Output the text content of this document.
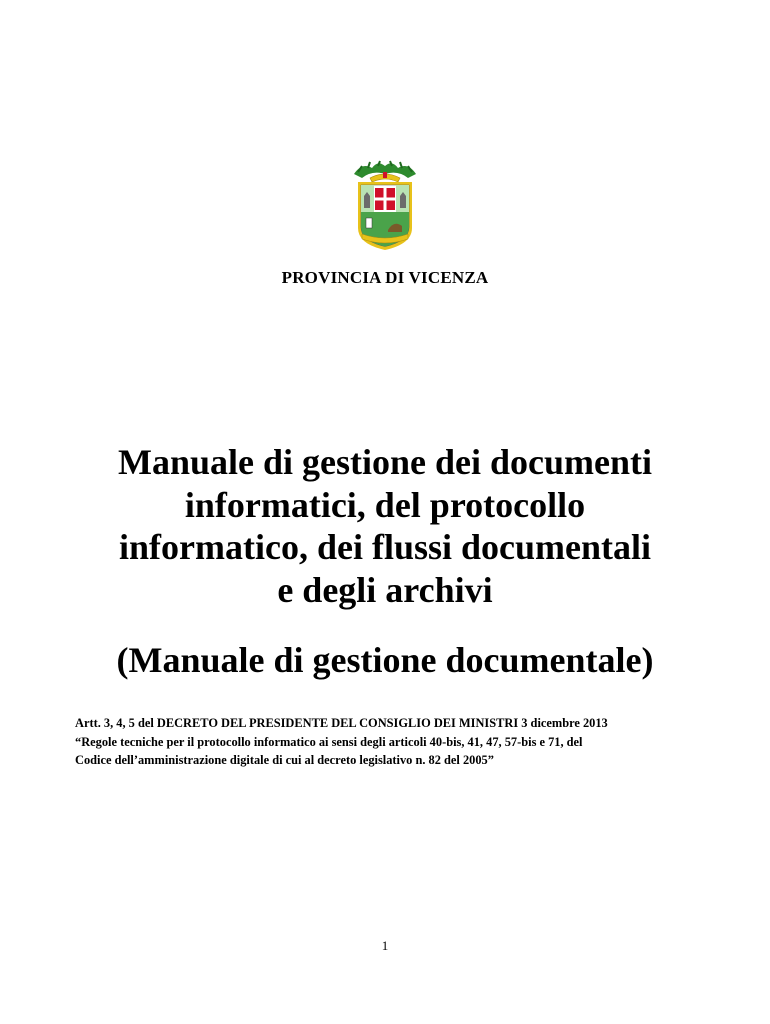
PROVINCIA DI VICENZA
Manuale di gestione dei documenti
informatici, del protocollo
informatico, dei flussi documentali
e degli archivi
(Manuale di gestione documentale)
Artt. 3, 4, 5 del DECRETO DEL PRESIDENTE DEL CONSIGLIO DEI MINISTRI 3 dicembre 2013
“Regole tecniche per il protocollo informatico ai sensi degli articoli 40-bis, 41, 47, 57-bis e 71, del
Codice dell’amministrazione digitale di cui al decreto legislativo n. 82 del 2005”
1
